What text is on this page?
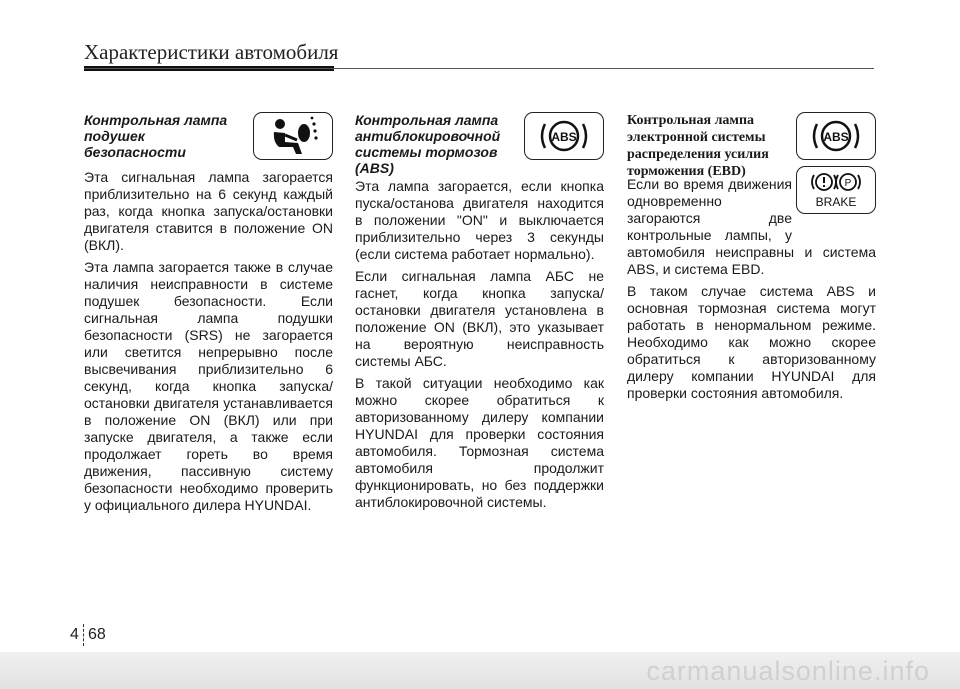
Характеристики автомобиля

Контрольная лампа подушек безопасности

Эта сигнальная лампа загорается приблизительно на 6 секунд каждый раз, когда кнопка запуска/остановки двигателя ставится в положение ON (ВКЛ).

Эта лампа загорается также в случае наличия неисправности в системе подушек безопасности. Если сигнальная лампа подушки безопасности (SRS) не загорается или светится непрерывно после высвечивания приблизительно 6 секунд, когда кнопка запуска/остановки двигателя устанавливается в положение ON (ВКЛ) или при запуске двигателя, а также если продолжает гореть во время движения, пассивную систему безопасности необходимо проверить у официального дилера HYUNDAI.

Контрольная лампа антиблокировочной системы тормозов (ABS)

ABS

Эта лампа загорается, если кнопка пуска/останова двигателя находится в положении "ON" и выключается приблизительно через 3 секунды (если система работает нормально).

Если сигнальная лампа АБС не гаснет, когда кнопка запуска/остановки двигателя установлена в положение ON (ВКЛ), это указывает на вероятную неисправность системы АБС.

В такой ситуации необходимо как можно скорее обратиться к авторизованному дилеру компании HYUNDAI для проверки состояния автомобиля. Тормозная система автомобиля продолжит функционировать, но без поддержки антиблокировочной системы.

Контрольная лампа электронной системы распределения усилия торможения (EBD)

ABS
P
BRAKE

Если во время движения одновременно загораются две контрольные лампы, у автомобиля неисправны и система ABS, и система EBD.

В таком случае система ABS и основная тормозная система могут работать в ненормальном режиме. Необходимо как можно скорее обратиться к авторизованному дилеру компании HYUNDAI для проверки состояния автомобиля.

4 68
carmanualsonline.info
